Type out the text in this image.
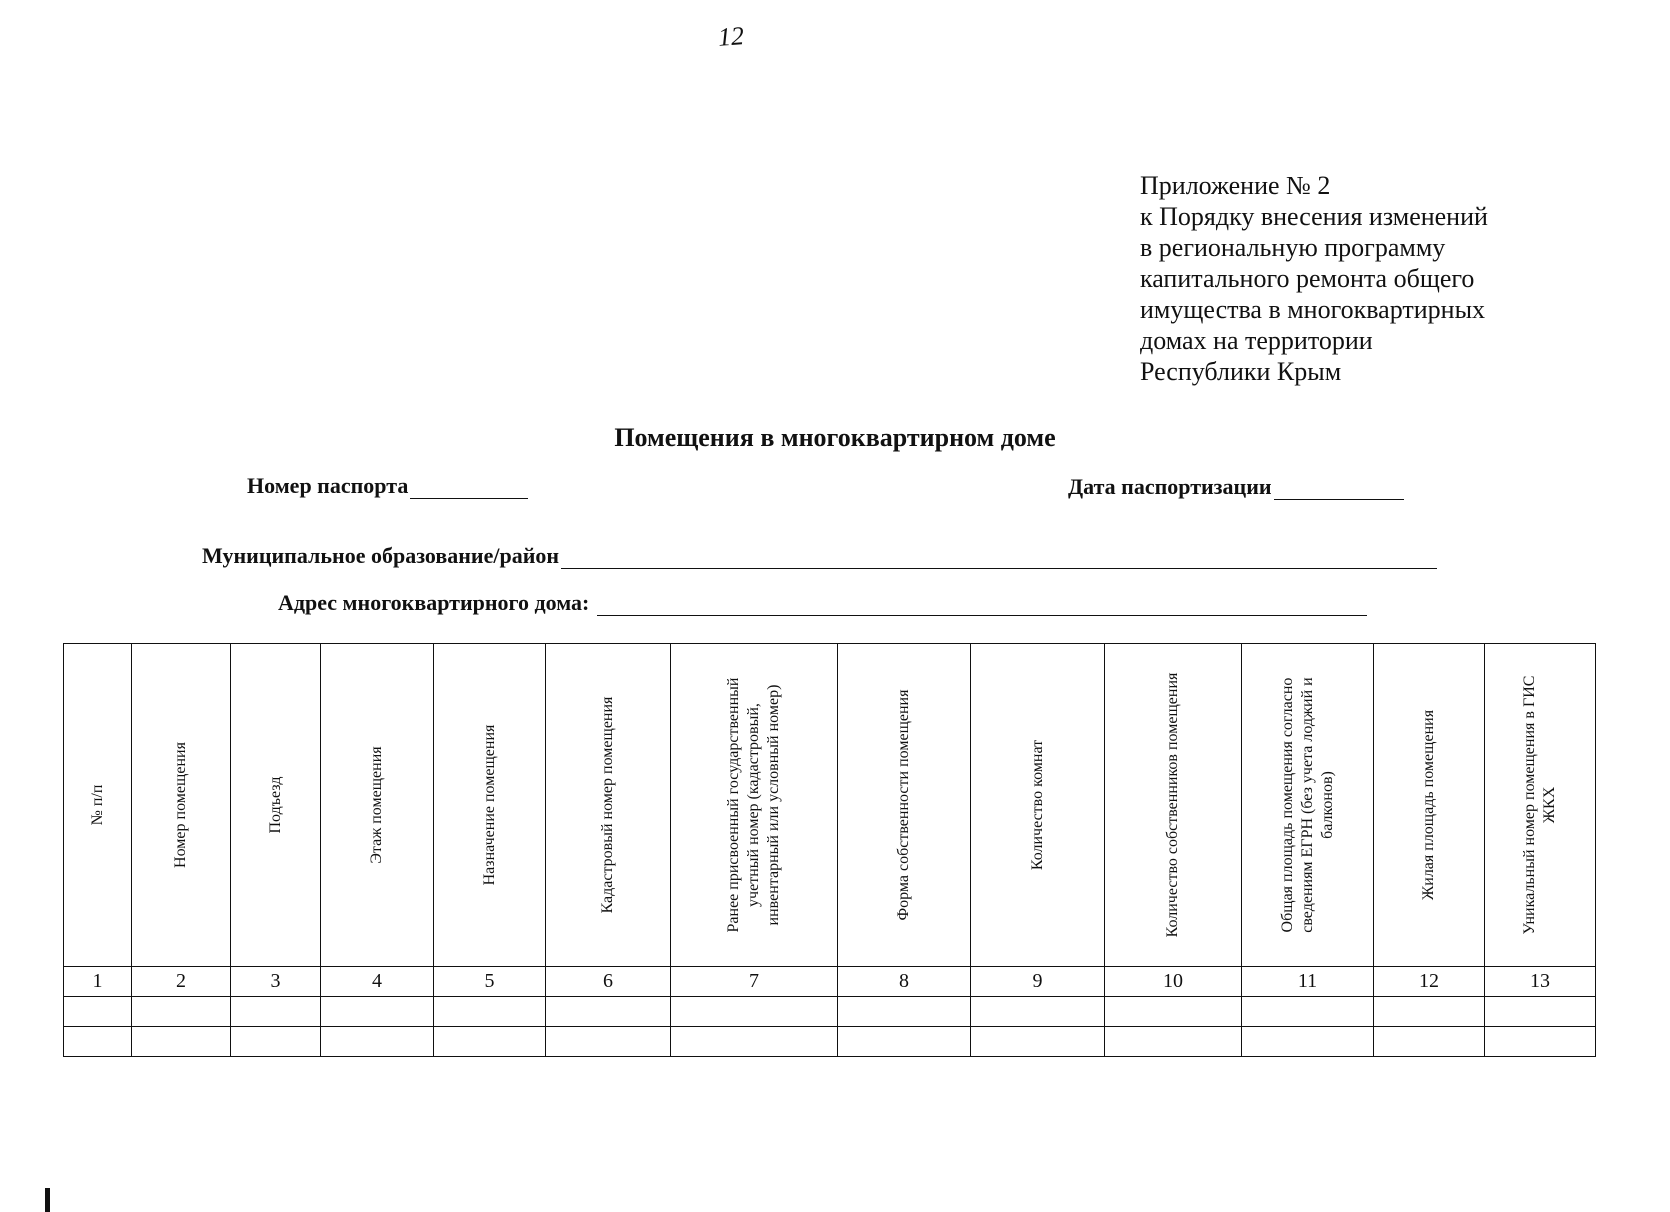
12
Приложение № 2
к Порядку внесения изменений
в региональную программу
капитального ремонта общего
имущества в многоквартирных
домах на территории
Республики Крым
Помещения в многоквартирном доме
Номер паспорта	Дата паспортизации
Муниципальное образование/район
Адрес многоквартирного дома:
№ п/п	Номер помещения	Подъезд	Этаж помещения	Назначение помещения	Кадастровый номер помещения	Ранее присвоенный государственный учетный номер (кадастровый, инвентарный или условный номер)	Форма собственности помещения	Количество комнат	Количество собственников помещения	Общая площадь помещения согласно сведениям ЕГРН (без учета лоджий и балконов)	Жилая площадь помещения	Уникальный номер помещения в ГИС ЖКХ

1	2	3	4	5	6	7	8	9	10	11	12	13
